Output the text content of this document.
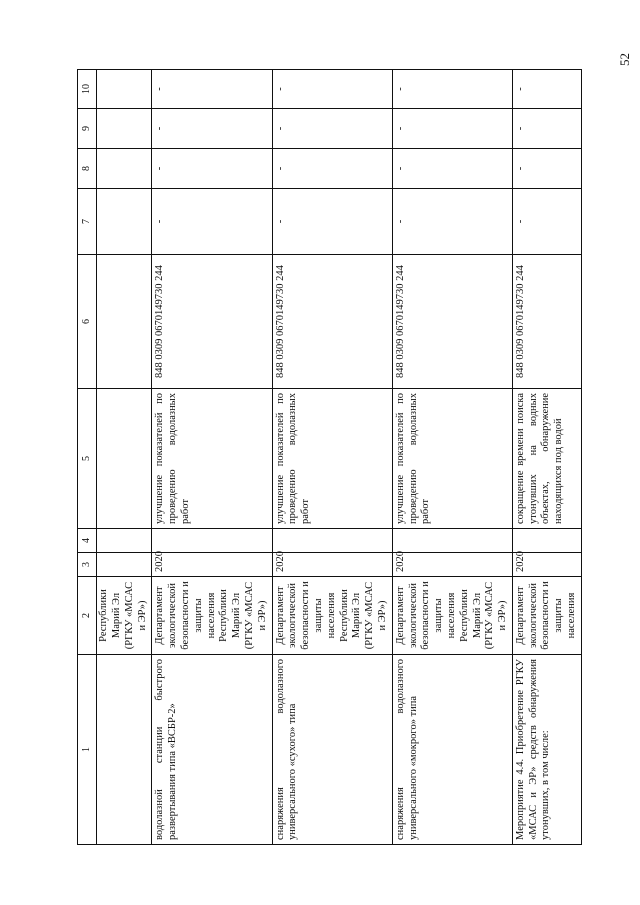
52
1	2	3	4	5	6	7	8	9	10
	Республики Марий Эл (РГКУ «МСАС и ЭР»)								
водолазной станции быстрого развертывания типа «ВСБР-2»	Департамент экологической безопасности и защиты населения Республики Марий Эл (РГКУ «МСАС и ЭР»)	2020		улучшение показателей по проведению водолазных работ	848 0309 0670149730 244	-	-	-	-
снаряжения водолазного универсального «сухого» типа	Департамент экологической безопасности и защиты населения Республики Марий Эл (РГКУ «МСАС и ЭР»)	2020		улучшение показателей по проведению водолазных работ	848 0309 0670149730 244	-	-	-	-
снаряжения водолазного универсального «мокрого» типа	Департамент экологической безопасности и защиты населения Республики Марий Эл (РГКУ «МСАС и ЭР»)	2020		улучшение показателей по проведению водолазных работ	848 0309 0670149730 244	-	-	-	-
Мероприятие 4.4. Приобретение РГКУ «МСАС и ЭР» средств обнаружения утонувших, в том числе:	Департамент экологической безопасности и защиты населения	2020		сокращение времени поиска утонувших на водных объектах, обнаружение находящихся под водой	848 0309 0670149730 244	-	-	-	-
